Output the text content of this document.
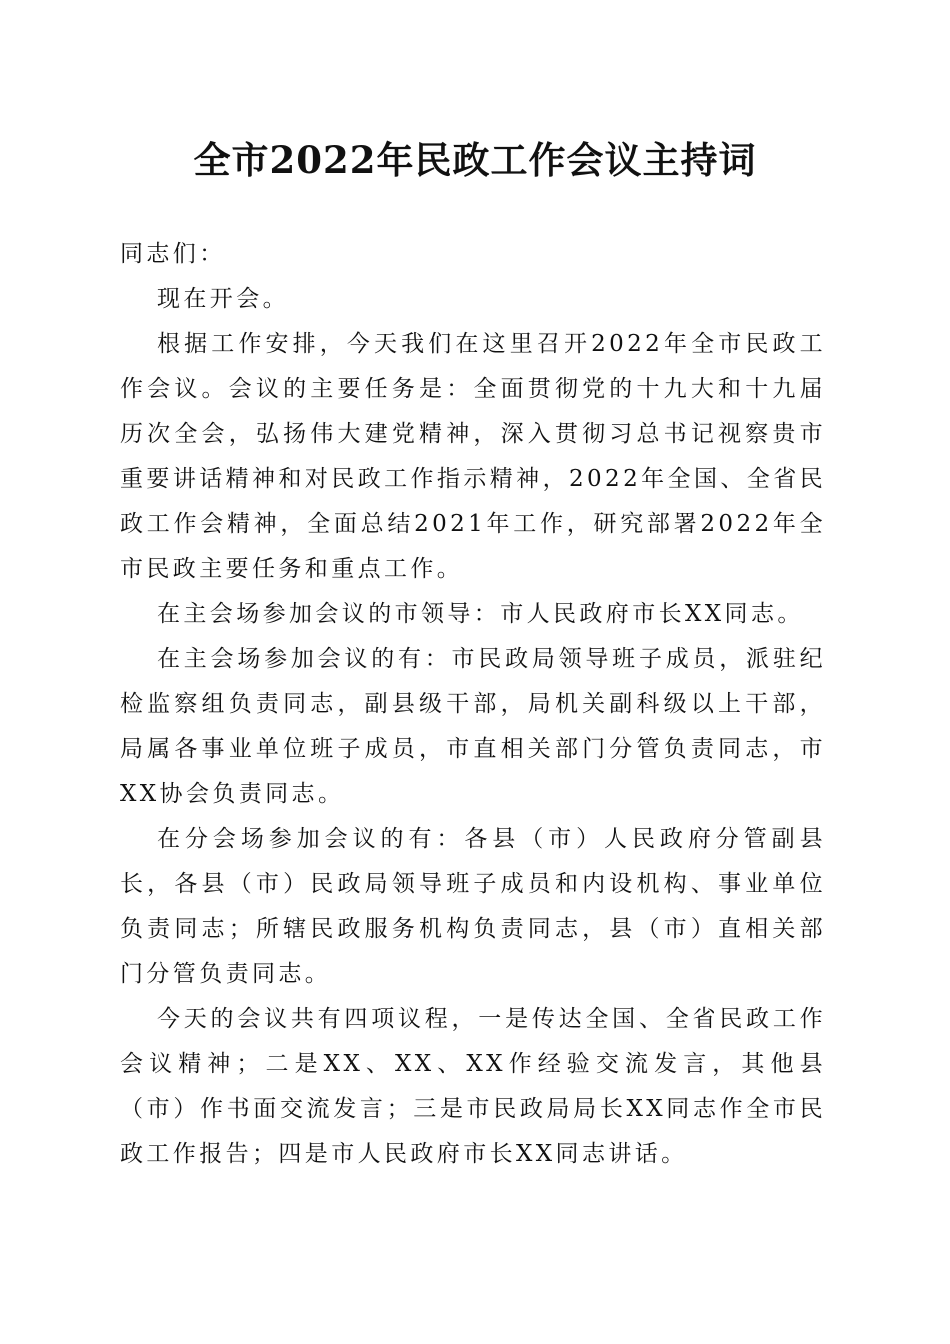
全市2022年民政工作会议主持词

同志们：

现在开会。

根据工作安排，今天我们在这里召开2022年全市民政工作会议。会议的主要任务是：全面贯彻党的十九大和十九届历次全会，弘扬伟大建党精神，深入贯彻习总书记视察贵市重要讲话精神和对民政工作指示精神，2022年全国、全省民政工作会精神，全面总结2021年工作，研究部署2022年全市民政主要任务和重点工作。

在主会场参加会议的市领导：市人民政府市长XX同志。

在主会场参加会议的有：市民政局领导班子成员，派驻纪检监察组负责同志，副县级干部，局机关副科级以上干部，局属各事业单位班子成员，市直相关部门分管负责同志，市XX协会负责同志。

在分会场参加会议的有：各县（市）人民政府分管副县长，各县（市）民政局领导班子成员和内设机构、事业单位负责同志；所辖民政服务机构负责同志，县（市）直相关部门分管负责同志。

今天的会议共有四项议程，一是传达全国、全省民政工作会议精神；二是XX、XX、XX作经验交流发言，其他县（市）作书面交流发言；三是市民政局局长XX同志作全市民政工作报告；四是市人民政府市长XX同志讲话。
